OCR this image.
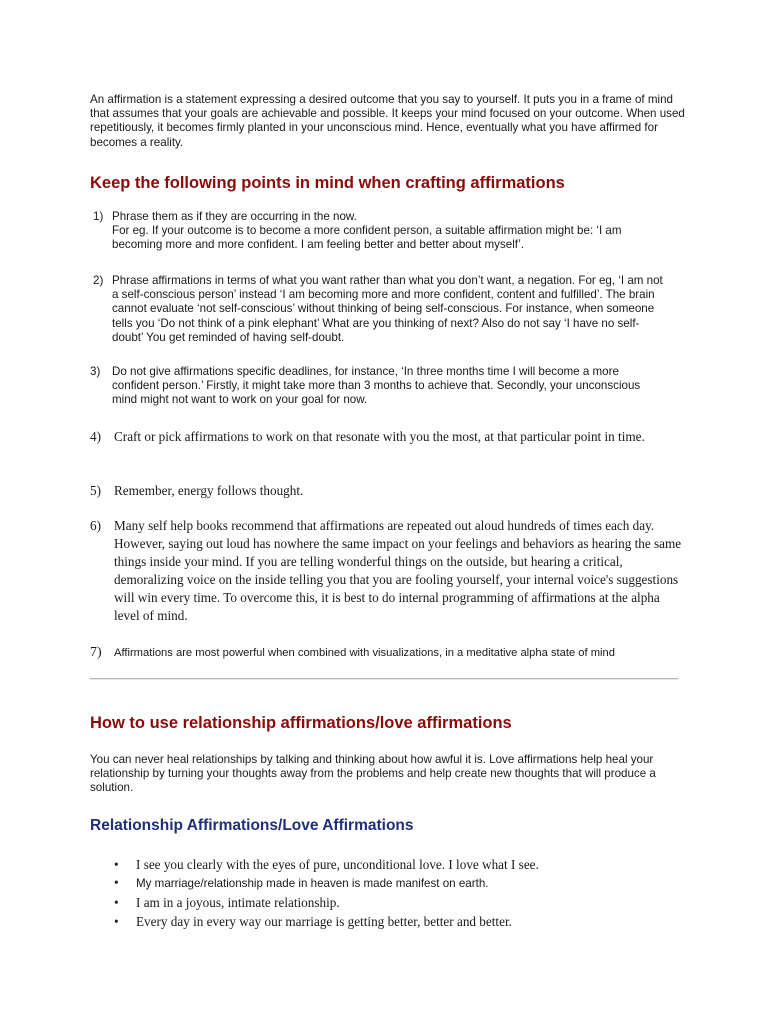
An affirmation is a statement expressing a desired outcome that you say to yourself. It puts you in a frame of mind that assumes that your goals are achievable and possible. It keeps your mind focused on your outcome. When used repetitiously, it becomes firmly planted in your unconscious mind. Hence, eventually what you have affirmed for becomes a reality.

Keep the following points in mind when crafting affirmations
1) Phrase them as if they are occurring in the now.
For eg. If your outcome is to become a more confident person, a suitable affirmation might be: ‘I am becoming more and more confident. I am feeling better and better about myself’.
2) Phrase affirmations in terms of what you want rather than what you don’t want, a negation. For eg, ‘I am not a self-conscious person’ instead ‘I am becoming more and more confident, content and fulfilled’. The brain cannot evaluate ‘not self-conscious’ without thinking of being self-conscious. For instance, when someone tells you ‘Do not think of a pink elephant’ What are you thinking of next? Also do not say ‘I have no self-doubt’ You get reminded of having self-doubt.
3)	Do not give affirmations specific deadlines, for instance, ‘In three months time I will become a more confident person.’ Firstly, it might take more than 3 months to achieve that. Secondly, your unconscious mind might not want to work on your goal for now.
4) Craft or pick affirmations to work on that resonate with you the most, at that particular point in time.
5) Remember, energy follows thought.
6) Many self help books recommend that affirmations are repeated out aloud hundreds of times each day. However, saying out loud has nowhere the same impact on your feelings and behaviors as hearing the same things inside your mind. If you are telling wonderful things on the outside, but hearing a critical, demoralizing voice on the inside telling you that you are fooling yourself, your internal voice's suggestions will win every time. To overcome this, it is best to do internal programming of affirmations at the alpha level of mind.
7)	Affirmations are most powerful when combined with visualizations, in a meditative alpha state of mind
How to use relationship affirmations/love affirmations

You can never heal relationships by talking and thinking about how awful it is. Love affirmations help heal your relationship by turning your thoughts away from the problems and help create new thoughts that will produce a solution.

Relationship Affirmations/Love Affirmations
• I see you clearly with the eyes of pure, unconditional love. I love what I see.
• My marriage/relationship made in heaven is made manifest on earth.
• I am in a joyous, intimate relationship.
• Every day in every way our marriage is getting better, better and better.
